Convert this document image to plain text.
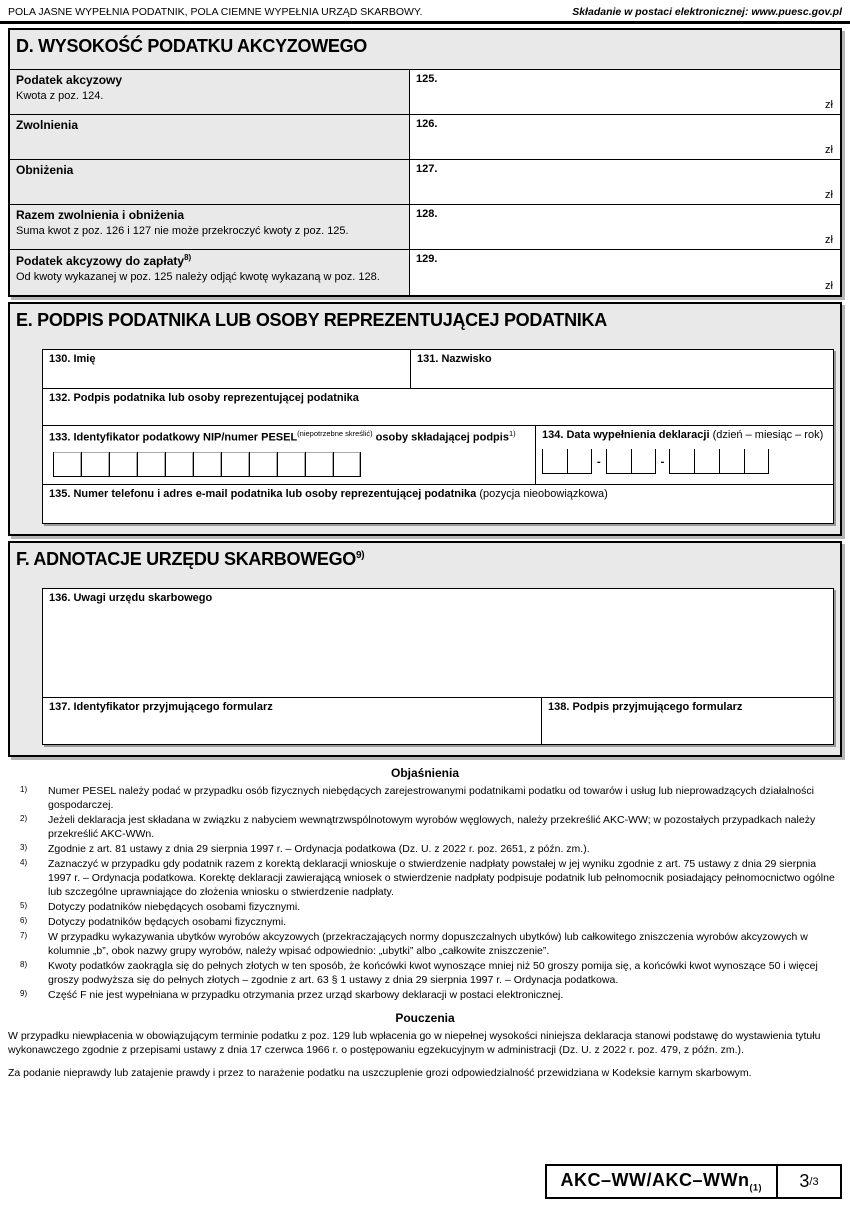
POLA JASNE WYPEŁNIA PODATNIK, POLA CIEMNE WYPEŁNIA URZĄD SKARBOWY.	Składanie w postaci elektronicznej: www.puesc.gov.pl
D. WYSOKOŚĆ PODATKU AKCYZOWEGO
Podatek akcyzowy
Kwota z poz. 124.
125.
zł
Zwolnienia	126.
zł
Obniżenia	127.
zł
Razem zwolnienia i obniżenia
Suma kwot z poz. 126 i 127 nie może przekroczyć kwoty z poz. 125.
128.
zł
Podatek akcyzowy do zapłaty$^{8)}$
Od kwoty wykazanej w poz. 125 należy odjąć kwotę wykazaną w poz. 128.
129.
zł
E. PODPIS PODATNIKA LUB OSOBY REPREZENTUJĄCEJ PODATNIKA
130. Imię	131. Nazwisko
132. Podpis podatnika lub osoby reprezentującej podatnika
133. Identyfikator podatkowy NIP/numer $PESEL^{(niepotrzebne skreślić)}$ osoby składającej podpis$^{1)}$	134. Data wypełnienia deklaracji (dzień – miesiąc – rok)
-	-
135. Numer telefonu i adres e-mail podatnika lub osoby reprezentującej podatnika (pozycja nieobowiązkowa)
F. ADNOTACJE URZĘDU SKARBOWEGO$^{9)}$
136. Uwagi urzędu skarbowego
137. Identyfikator przyjmującego formularz	138. Podpis przyjmującego formularz
Objaśnienia
1)	Numer PESEL należy podać w przypadku osób fizycznych niebędących zarejestrowanymi podatnikami podatku od towarów i usług lub nieprowadzących działalności gospodarczej.
2)	Jeżeli deklaracja jest składana w związku z nabyciem wewnątrzwspólnotowym wyrobów węglowych, należy przekreślić AKC-WW; w pozostałych przypadkach należy przekreślić AKC-WWn.
3)	Zgodnie z art. 81 ustawy z dnia 29 sierpnia 1997 r. – Ordynacja podatkowa (Dz. U. z 2022 r. poz. 2651, z późn. zm.).
4)	Zaznaczyć w przypadku gdy podatnik razem z korektą deklaracji wnioskuje o stwierdzenie nadpłaty powstałej w jej wyniku zgodnie z art. 75 ustawy z dnia 29 sierpnia 1997 r. – Ordynacja podatkowa. Korektę deklaracji zawierającą wniosek o stwierdzenie nadpłaty podpisuje podatnik lub pełnomocnik posiadający pełnomocnictwo ogólne lub szczególne uprawniające do złożenia wniosku o stwierdzenie nadpłaty.
5)	Dotyczy podatników niebędących osobami fizycznymi.
6)	Dotyczy podatników będących osobami fizycznymi.
7)	W przypadku wykazywania ubytków wyrobów akcyzowych (przekraczających normy dopuszczalnych ubytków) lub całkowitego zniszczenia wyrobów akcyzowych w kolumnie „b”, obok nazwy grupy wyrobów, należy wpisać odpowiednio: „ubytki” albo „całkowite zniszczenie”.
8)	Kwoty podatków zaokrągla się do pełnych złotych w ten sposób, że końcówki kwot wynoszące mniej niż 50 groszy pomija się, a końcówki kwot wynoszące 50 i więcej groszy podwyższa się do pełnych złotych – zgodnie z art. 63 § 1 ustawy z dnia 29 sierpnia 1997 r. – Ordynacja podatkowa.
9)	Część F nie jest wypełniana w przypadku otrzymania przez urząd skarbowy deklaracji w postaci elektronicznej.
Pouczenia

W przypadku niewpłacenia w obowiązującym terminie podatku z poz. 129 lub wpłacenia go w niepełnej wysokości niniejsza deklaracja stanowi podstawę do wystawienia tytułu wykonawczego zgodnie z przepisami ustawy z dnia 17 czerwca 1966 r. o postępowaniu egzekucyjnym w administracji (Dz. U. z 2022 r. poz. 479, z późn. zm.).

Za podanie nieprawdy lub zatajenie prawdy i przez to narażenie podatku na uszczuplenie grozi odpowiedzialność przewidziana w Kodeksie karnym skarbowym.

AKC–WW/AKC–WWn$_{(1)}$	3 /3
